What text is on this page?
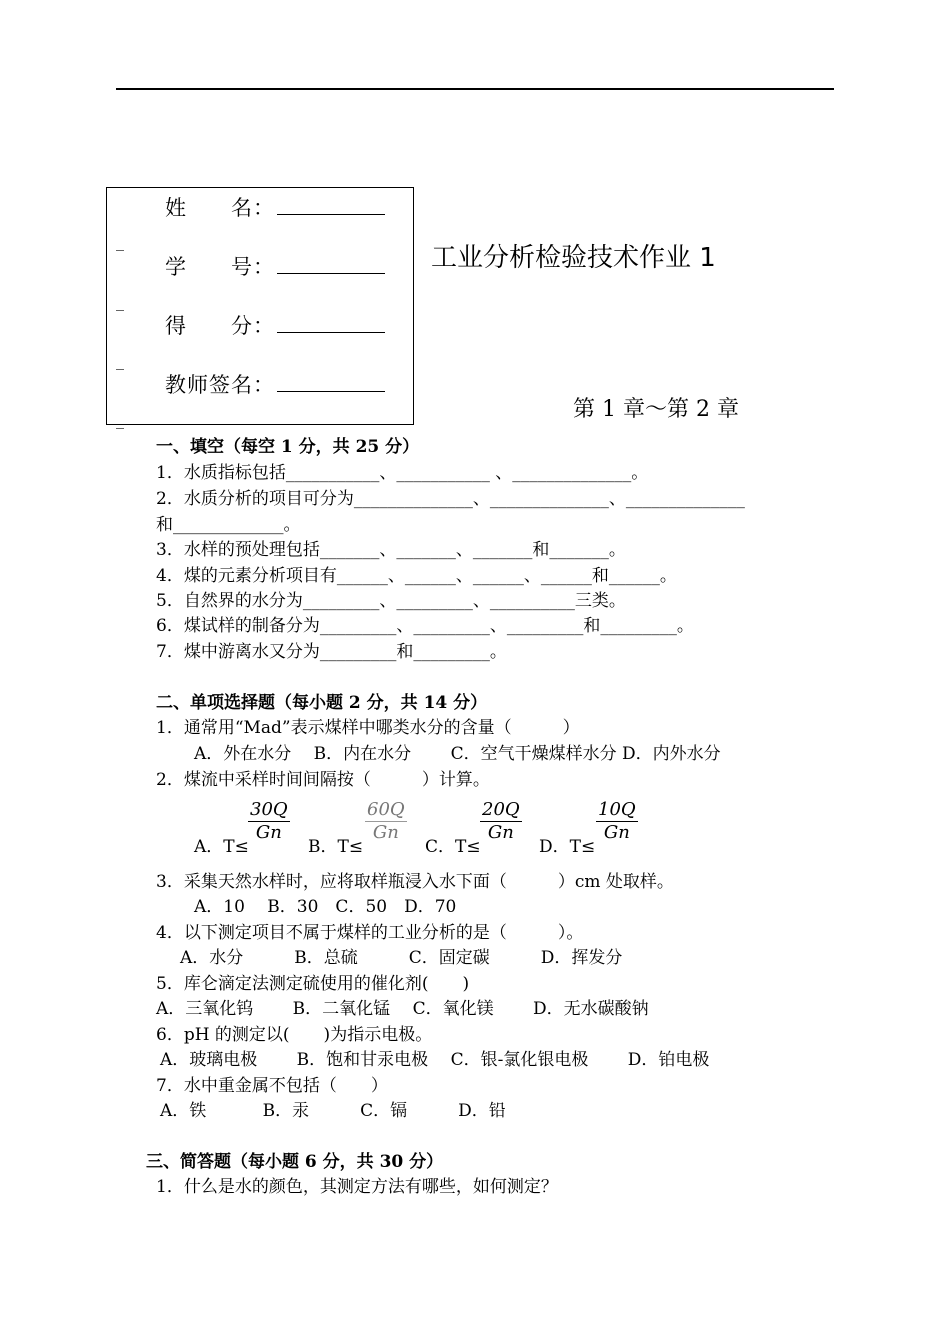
姓　　名：
学　　号：
得　　分：
教师签名：
_
_
_
_
工业分析检验技术作业 1
第 1 章～第 2 章
一、填空（每空 1 分，共 25 分）
1．水质指标包括___________、___________ 、______________。
2．水质分析的项目可分为______________、______________、______________
和_____________。
3．水样的预处理包括_______、_______、_______和_______。
4．煤的元素分析项目有______、______、______、______和______。
5．自然界的水分为_________、_________、__________三类。
6．煤试样的制备分为_________、_________、_________和_________。
7．煤中游离水又分为_________和_________。
二、单项选择题（每小题 2 分，共 14 分）
1．通常用“Mad”表示煤样中哪类水分的含量（　　　）
A．外在水分　 B．内在水分　　 C．空气干燥煤样水分 D．内外水分
2．煤流中采样时间间隔按（　　　）计算。
A．T≤
$\frac{30Q}{Gn}$
B．T≤
$\frac{60Q}{Gn}$
C．T≤
$\frac{20Q}{Gn}$
D．T≤
$\frac{10Q}{Gn}$
3．采集天然水样时，应将取样瓶浸入水下面（　　　）cm 处取样。
A．10　 B．30　C．50　D．70
4．以下测定项目不属于煤样的工业分析的是（　　　）。
A．水分　　　B．总硫　　　C．固定碳　　　D．挥发分
5．库仑滴定法测定硫使用的催化剂(　　)
A．三氧化钨　　 B．二氧化锰　 C．氧化镁　　 D．无水碳酸钠
6．pH 的测定以(　　)为指示电极。
A．玻璃电极　　 B．饱和甘汞电极　 C．银-氯化银电极　　 D．铂电极
7．水中重金属不包括（　　）
A．铁　　　 B．汞　　　C．镉　　　D．铅
三、简答题（每小题 6 分，共 30 分）
1．什么是水的颜色，其测定方法有哪些，如何测定？
